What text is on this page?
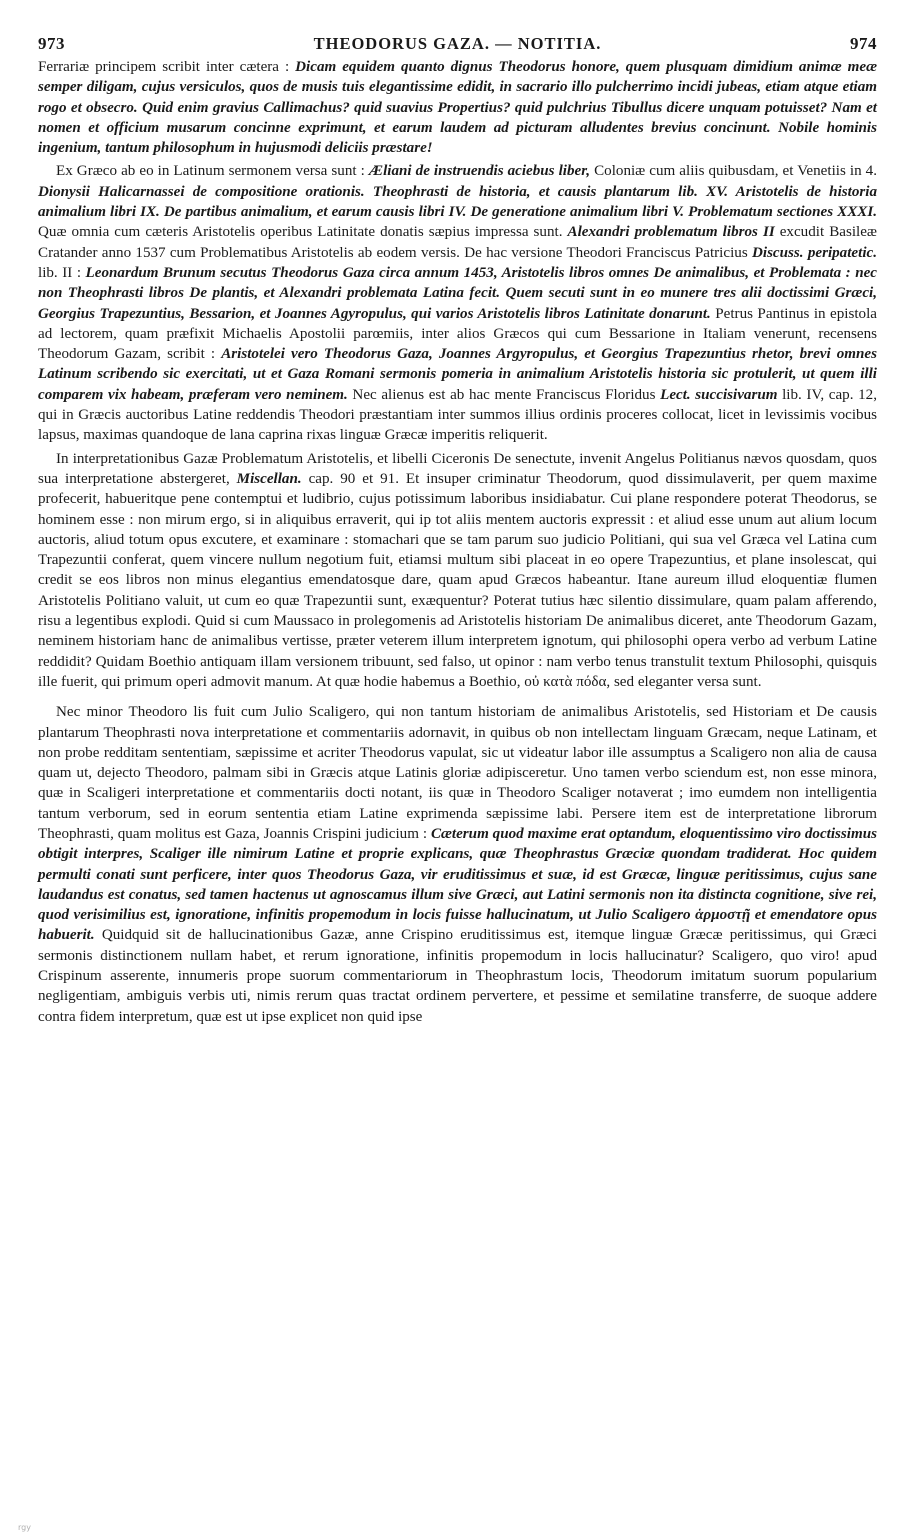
973	THEODORUS GAZA. — NOTITIA.	974

Ferrariæ principem scribit inter cætera : Dicam equidem quanto dignus Theodorus honore, quem plusquam dimidium animæ meæ semper diligam, cujus versiculos, quos de musis tuis elegantissime edidit, in sacrario illo pulcherrimo incidi jubeas, etiam atque etiam rogo et obsecro. Quid enim gravius Callimachus? quid suavius Propertius? quid pulchrius Tibullus dicere unquam potuisset? Nam et nomen et officium musarum concinne exprimunt, et earum laudem ad picturam alludentes brevius concinunt. Nobile hominis ingenium, tantum philosophum in hujusmodi deliciis præstare!

Ex Græco ab eo in Latinum sermonem versa sunt : Æliani de instruendis aciebus liber, Coloniæ cum aliis quibusdam, et Venetiis in 4. Dionysii Halicarnassei de compositione orationis. Theophrasti de historia, et causis plantarum lib. XV. Aristotelis de historia animalium libri IX. De partibus animalium, et earum causis libri IV. De generatione animalium libri V. Problematum sectiones XXXI. Quæ omnia cum cæteris Aristotelis operibus Latinitate donatis sæpius impressa sunt. Alexandri problematum libros II excudit Basileæ Cratander anno 1537 cum Problematibus Aristotelis ab eodem versis. De hac versione Theodori Franciscus Patricius Discuss. peripatetic. lib. II : Leonardum Brunum secutus Theodorus Gaza circa annum 1453, Aristotelis libros omnes De animalibus, et Problemata : nec non Theophrasti libros De plantis, et Alexandri problemata Latina fecit. Quem secuti sunt in eo munere tres alii doctissimi Græci, Georgius Trapezuntius, Bessarion, et Joannes Agyropulus, qui varios Aristotelis libros Latinitate donarunt. Petrus Pantinus in epistola ad lectorem, quam præfixit Michaelis Apostolii parœmiis, inter alios Græcos qui cum Bessarione in Italiam venerunt, recensens Theodorum Gazam, scribit : Aristotelei vero Theodorus Gaza, Joannes Argyropulus, et Georgius Trapezuntius rhetor, brevi omnes Latinum scribendo sic exercitati, ut et Gaza Romani sermonis pomeria in animalium Aristotelis historia sic protulerit, ut quem illi comparem vix habeam, præferam vero neminem. Nec alienus est ab hac mente Franciscus Floridus Lect. succisivarum lib. IV, cap. 12, qui in Græcis auctoribus Latine reddendis Theodori præstantiam inter summos illius ordinis proceres collocat, licet in levissimis vocibus lapsus, maximas quandoque de lana caprina rixas linguæ Græcæ imperitis reliquerit.

In interpretationibus Gazæ Problematum Aristotelis, et libelli Ciceronis De senectute, invenit Angelus Politianus nævos quosdam, quos sua interpretatione abstergeret, Miscellan. cap. 90 et 91. Et insuper criminatur Theodorum, quod dissimulaverit, per quem maxime profecerit, habueritque pene contemptui et ludibrio, cujus potissimum laboribus insidiabatur. Cui plane respondere poterat Theodorus, se hominem esse : non mirum ergo, si in aliquibus erraverit, qui ip tot aliis mentem auctoris expressit : et aliud esse unum aut alium locum auctoris, aliud totum opus excutere, et examinare : stomachari que se tam parum suo judicio Politiani, qui sua vel Græca vel Latina cum Trapezuntii conferat, quem vincere nullum negotium fuit, etiamsi multum sibi placeat in eo opere Trapezuntius, et plane insolescat, qui credit se eos libros non minus elegantius emendatosque dare, quam apud Græcos habeantur. Itane aureum illud eloquentiæ flumen Aristotelis Politiano valuit, ut cum eo quæ Trapezuntii sunt, exæquentur? Poterat tutius hæc silentio dissimulare, quam palam afferendo, risu a legentibus explodi. Quid si cum Maussaco in prolegomenis ad Aristotelis historiam De animalibus diceret, ante Theodorum Gazam, neminem historiam hanc de animalibus vertisse, præter veterem illum interpretem ignotum, qui philosophi opera verbo ad verbum Latine reddidit? Quidam Boethio antiquam illam versionem tribuunt, sed falso, ut opinor : nam verbo tenus transtulit textum Philosophi, quisquis ille fuerit, qui primum operi admovit manum. At quæ hodie habemus a Boethio, οὐ κατὰ πόδα, sed eleganter versa sunt.

Nec minor Theodoro lis fuit cum Julio Scaligero, qui non tantum historiam de animalibus Aristotelis, sed Historiam et De causis plantarum Theophrasti nova interpretatione et commentariis adornavit, in quibus ob non intellectam linguam Græcam, neque Latinam, et non probe redditam sententiam, sæpissime et acriter Theodorus vapulat, sic ut videatur labor ille assumptus a Scaligero non alia de causa quam ut, dejecto Theodoro, palmam sibi in Græcis atque Latinis gloriæ adipisceretur. Uno tamen verbo sciendum est, non esse minora, quæ in Scaligeri interpretatione et commentariis docti notant, iis quæ in Theodoro Scaliger notaverat ; imo eumdem non intelligentia tantum verborum, sed in eorum sententia etiam Latine exprimenda sæpissime labi. Persere item est de interpretatione librorum Theophrasti, quam molitus est Gaza, Joannis Crispini judicium : Cæterum quod maxime erat optandum, eloquentissimo viro doctissimus obtigit interpres, Scaliger ille nimirum Latine et proprie explicans, quæ Theophrastus Græciæ quondam tradiderat. Hoc quidem permulti conati sunt perficere, inter quos Theodorus Gaza, vir eruditissimus et suæ, id est Græcæ, linguæ peritissimus, cujus sane laudandus est conatus, sed tamen hactenus ut agnoscamus illum sive Græci, aut Latini sermonis non ita distincta cognitione, sive rei, quod verisimilius est, ignoratione, infinitis propemodum in locis fuisse hallucinatum, ut Julio Scaligero ἁρμοστῇ et emendatore opus habuerit. Quidquid sit de hallucinationibus Gazæ, anne Crispino eruditissimus est, itemque linguæ Græcæ peritissimus, qui Græci sermonis distinctionem nullam habet, et rerum ignoratione, infinitis propemodum in locis hallucinatur? Scaligero, quo viro! apud Crispinum asserente, innumeris prope suorum commentariorum in Theophrastum locis, Theodorum imitatum suorum popularium negligentiam, ambiguis verbis uti, nimis rerum quas tractat ordinem pervertere, et pessime et semilatine transferre, de suoque addere contra fidem interpretum, quæ est ut ipse explicet non quid ipse

rgy
